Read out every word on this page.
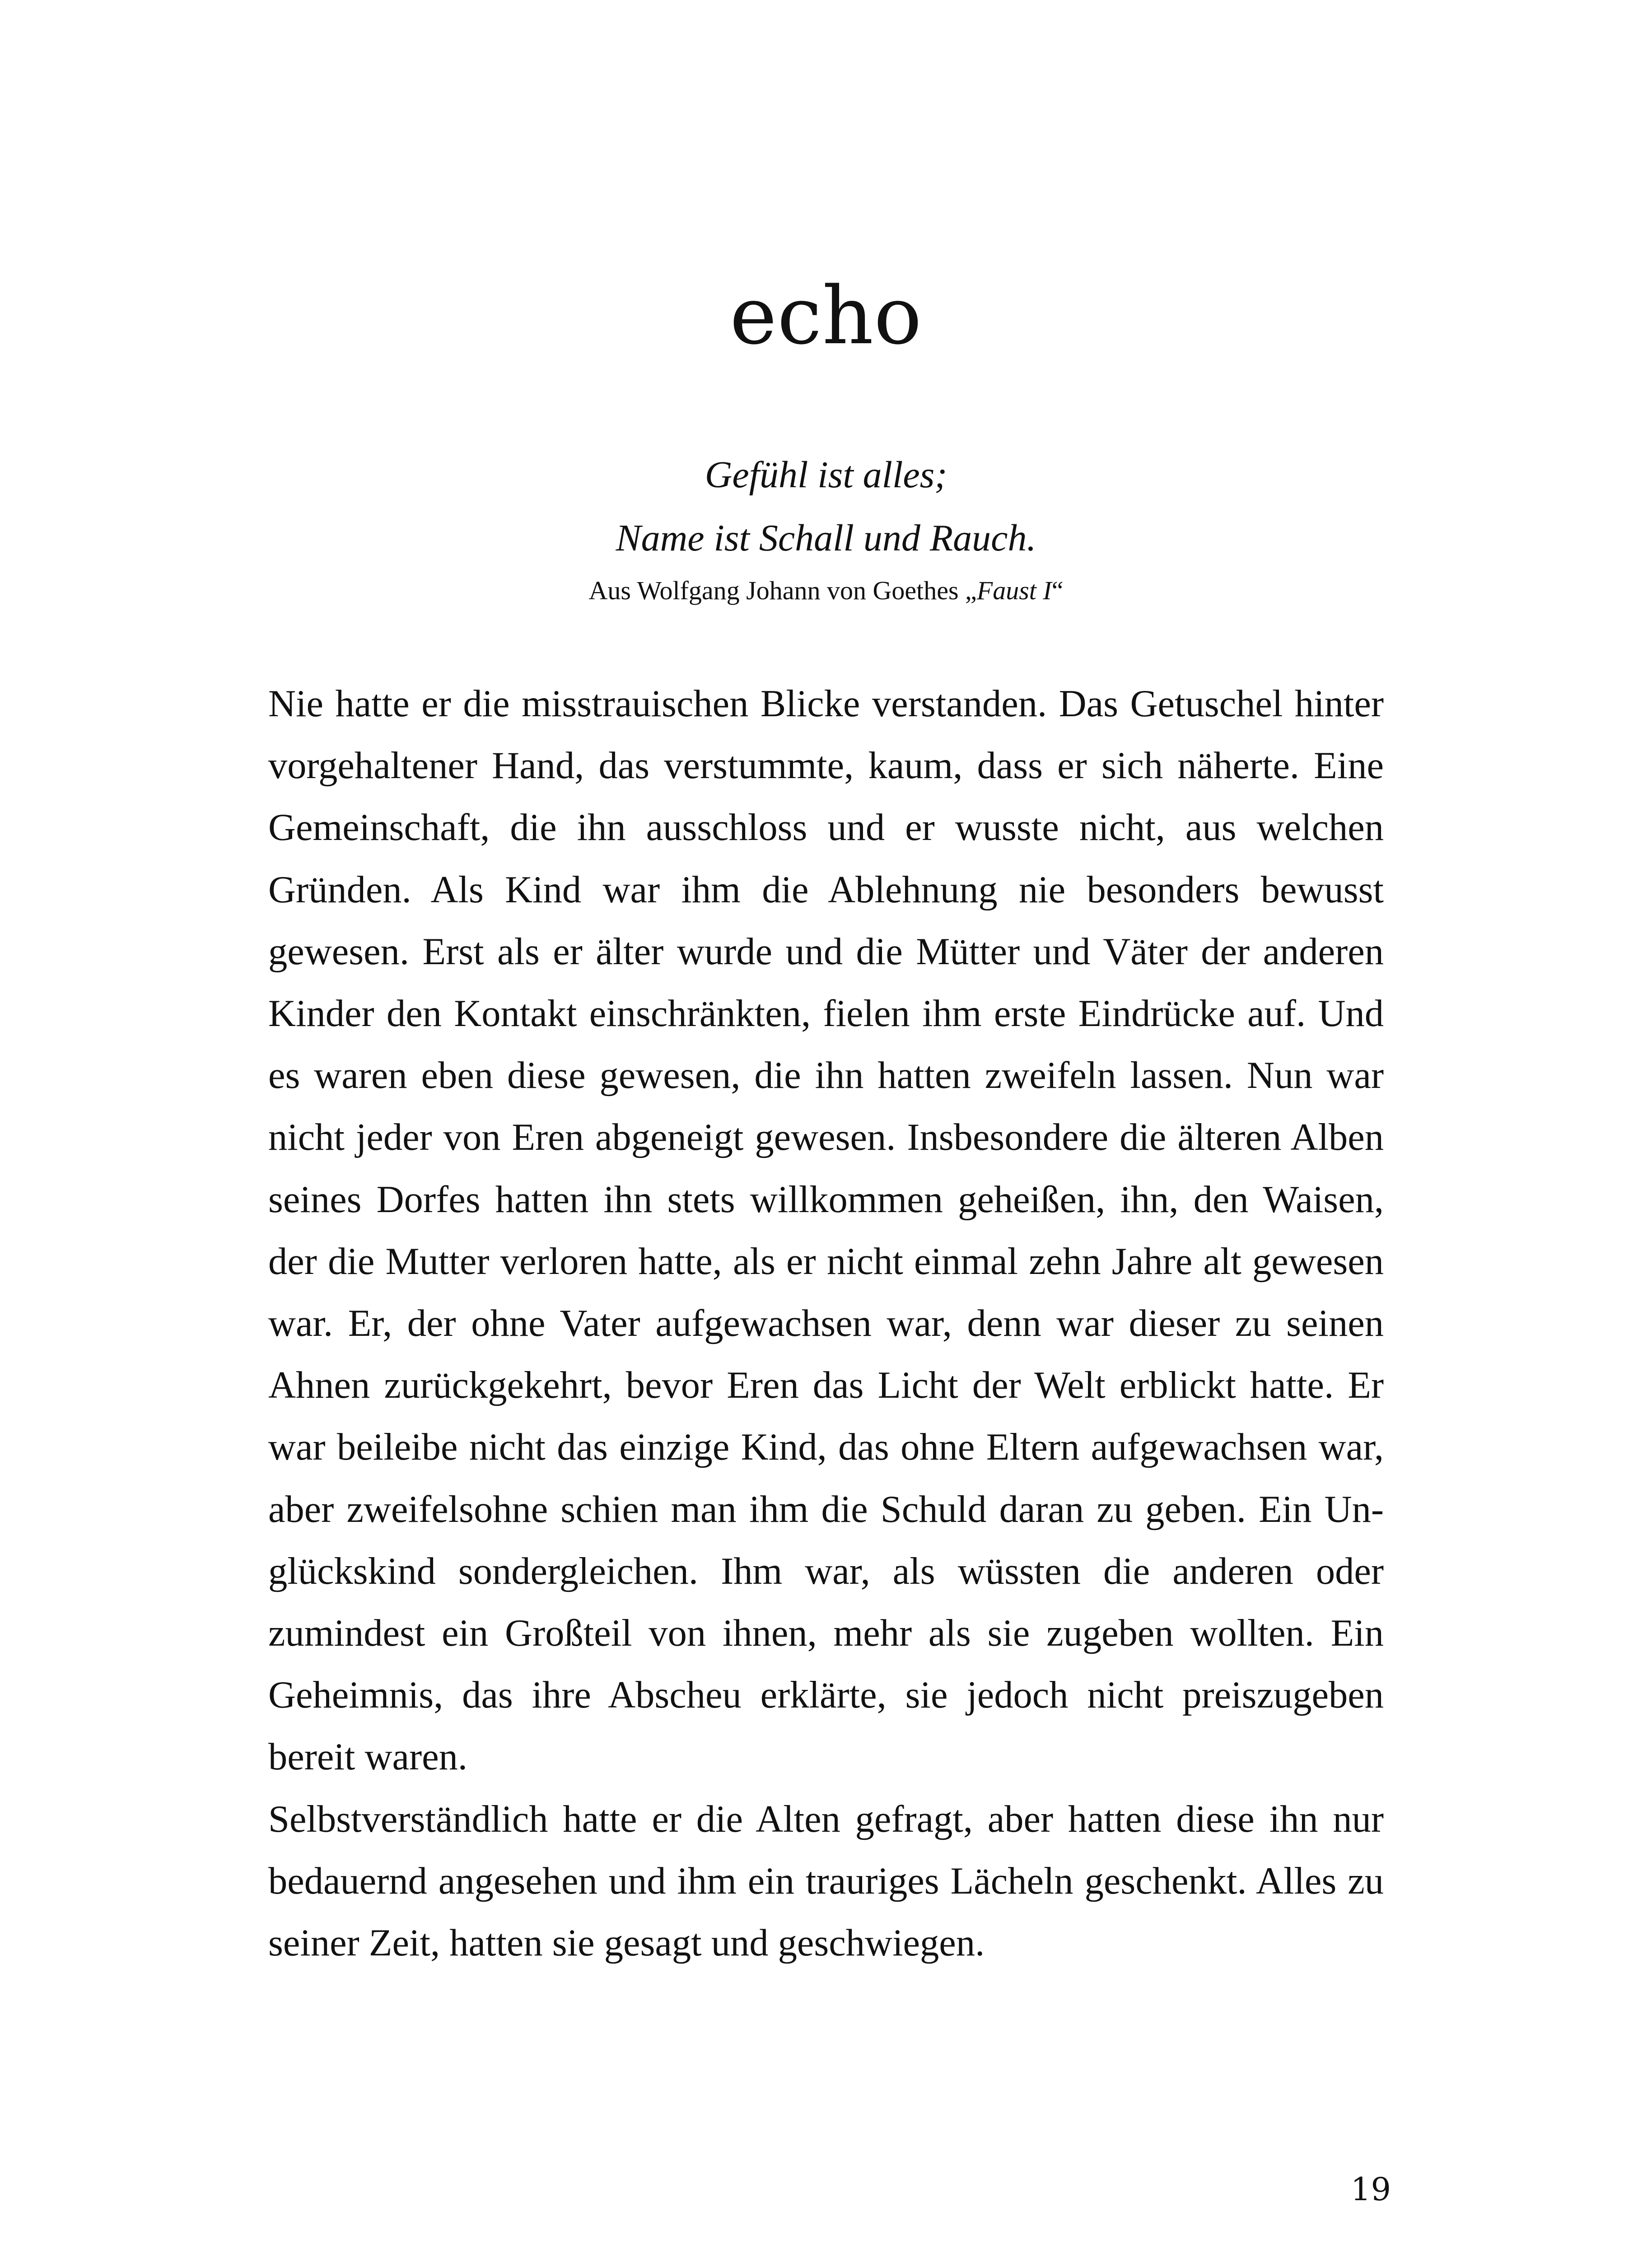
echo
Gefühl ist alles;
Name ist Schall und Rauch.
Aus Wolfgang Johann von Goethes „Faust I“

Nie hatte er die misstrauischen Blicke verstanden. Das Getuschel hinter vorgehaltener Hand, das verstummte, kaum, dass er sich näherte. Eine Gemeinschaft, die ihn ausschloss und er wusste nicht, aus welchen Gründen. Als Kind war ihm die Ablehnung nie besonders bewusst gewesen. Erst als er älter wurde und die Mütter und Väter der anderen Kinder den Kontakt einschränkten, fielen ihm erste Eindrücke auf. Und es waren eben diese gewesen, die ihn hatten zweifeln lassen. Nun war nicht jeder von Eren abgeneigt gewesen. Insbesondere die älteren Alben seines Dorfes hatten ihn stets willkommen geheißen, ihn, den Waisen, der die Mutter verloren hatte, als er nicht einmal zehn Jahre alt gewesen war. Er, der ohne Vater aufgewachsen war, denn war dieser zu seinen Ahnen zurückgekehrt, bevor Eren das Licht der Welt erblickt hatte. Er war beileibe nicht das einzige Kind, das ohne Eltern aufgewachsen war, aber zweifelsohne schien man ihm die Schuld daran zu geben. Ein Unglückskind sondergleichen. Ihm war, als wüssten die anderen oder zumindest ein Großteil von ihnen, mehr als sie zugeben wollten. Ein Geheimnis, das ihre Abscheu erklärte, sie jedoch nicht preiszugeben bereit waren.

Selbstverständlich hatte er die Alten gefragt, aber hatten diese ihn nur bedauernd angesehen und ihm ein trauriges Lächeln geschenkt. Alles zu seiner Zeit, hatten sie gesagt und geschwiegen.

19
